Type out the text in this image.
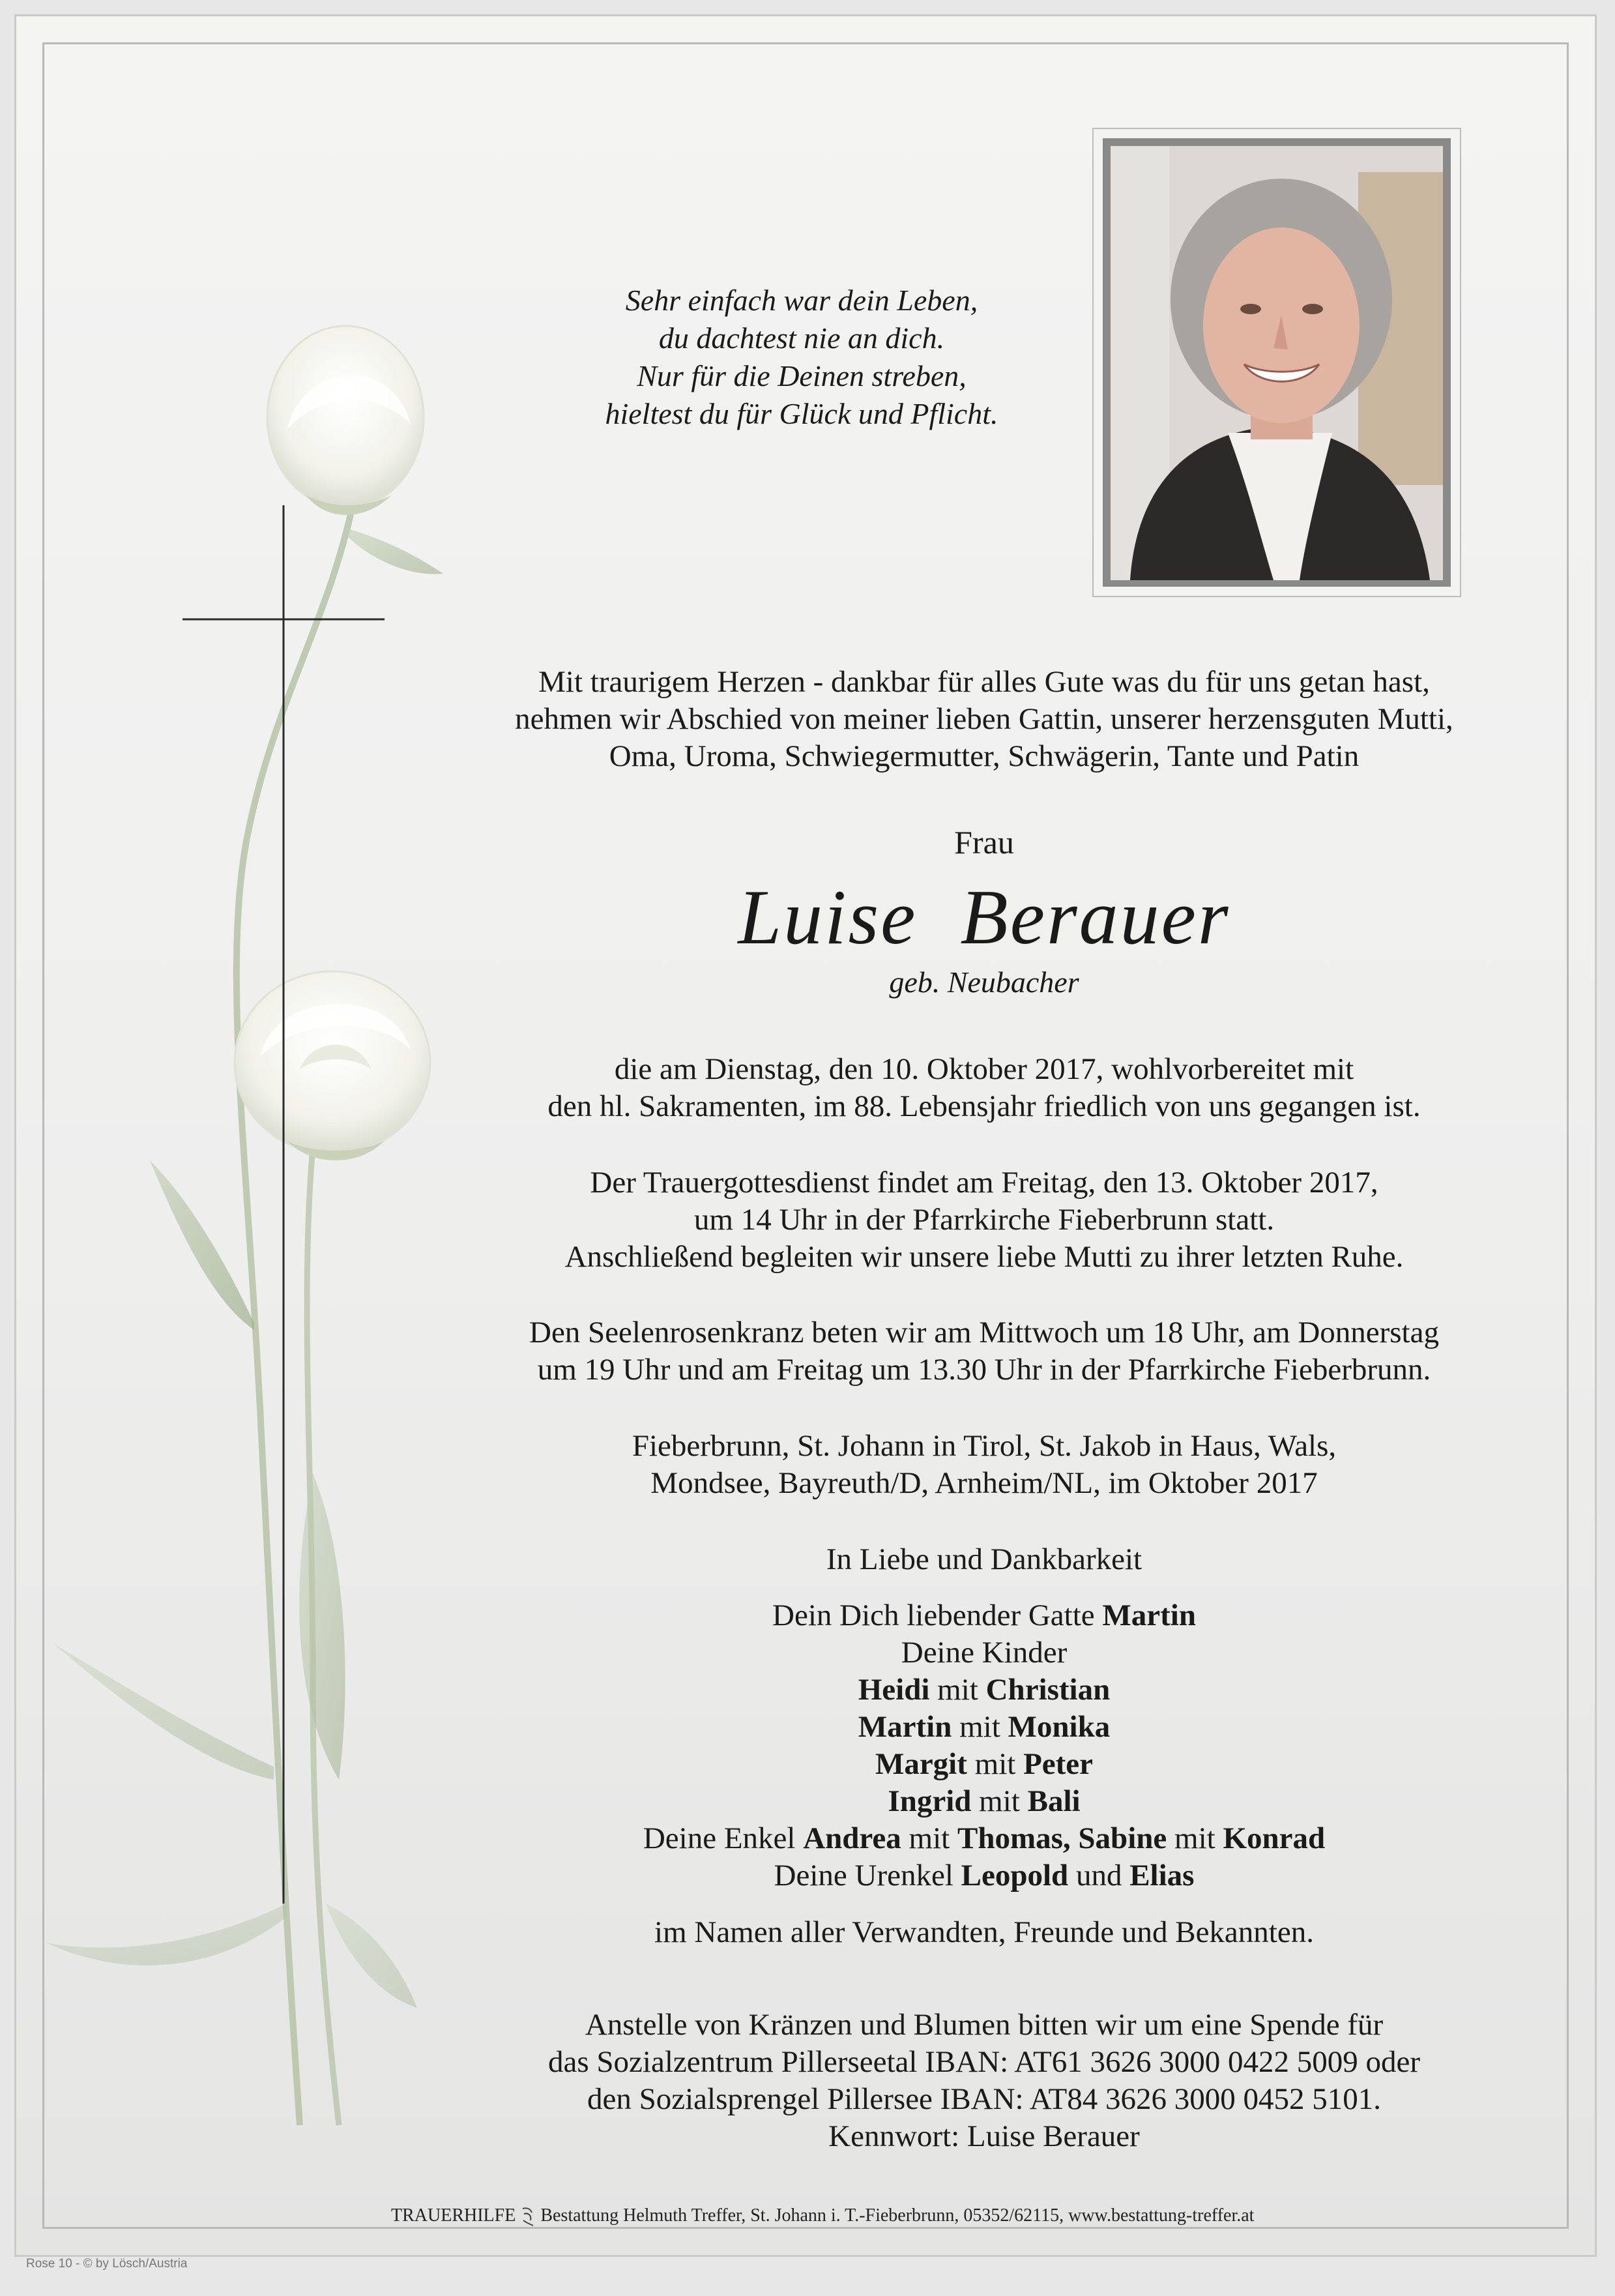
Sehr einfach war dein Leben,
du dachtest nie an dich.
Nur für die Deinen streben,
hieltest du für Glück und Pflicht.
Mit traurigem Herzen - dankbar für alles Gute was du für uns getan hast,
nehmen wir Abschied von meiner lieben Gattin, unserer herzensguten Mutti,
Oma, Uroma, Schwiegermutter, Schwägerin, Tante und Patin
Frau
Luise  Berauer
geb. Neubacher
die am Dienstag, den 10. Oktober 2017, wohlvorbereitet mit
den hl. Sakramenten, im 88. Lebensjahr friedlich von uns gegangen ist.
Der Trauergottesdienst findet am Freitag, den 13. Oktober 2017,
um 14 Uhr in der Pfarrkirche Fieberbrunn statt.
Anschließend begleiten wir unsere liebe Mutti zu ihrer letzten Ruhe.
Den Seelenrosenkranz beten wir am Mittwoch um 18 Uhr, am Donnerstag
um 19 Uhr und am Freitag um 13.30 Uhr in der Pfarrkirche Fieberbrunn.
Fieberbrunn, St. Johann in Tirol, St. Jakob in Haus, Wals,
Mondsee, Bayreuth/D, Arnheim/NL, im Oktober 2017
In Liebe und Dankbarkeit
Dein Dich liebender Gatte Martin
Deine Kinder
Heidi mit Christian
Martin mit Monika
Margit mit Peter
Ingrid mit Bali
Deine Enkel Andrea mit Thomas, Sabine mit Konrad
Deine Urenkel Leopold und Elias
im Namen aller Verwandten, Freunde und Bekannten.
Anstelle von Kränzen und Blumen bitten wir um eine Spende für
das Sozialzentrum Pillerseetal IBAN: AT61 3626 3000 0422 5009 oder
den Sozialsprengel Pillersee IBAN: AT84 3626 3000 0452 5101.
Kennwort: Luise Berauer
TRAUERHILFE Bestattung Helmuth Treffer, St. Johann i. T.-Fieberbrunn, 05352/62115, www.bestattung-treffer.at
Rose 10 - © by Lösch/Austria
